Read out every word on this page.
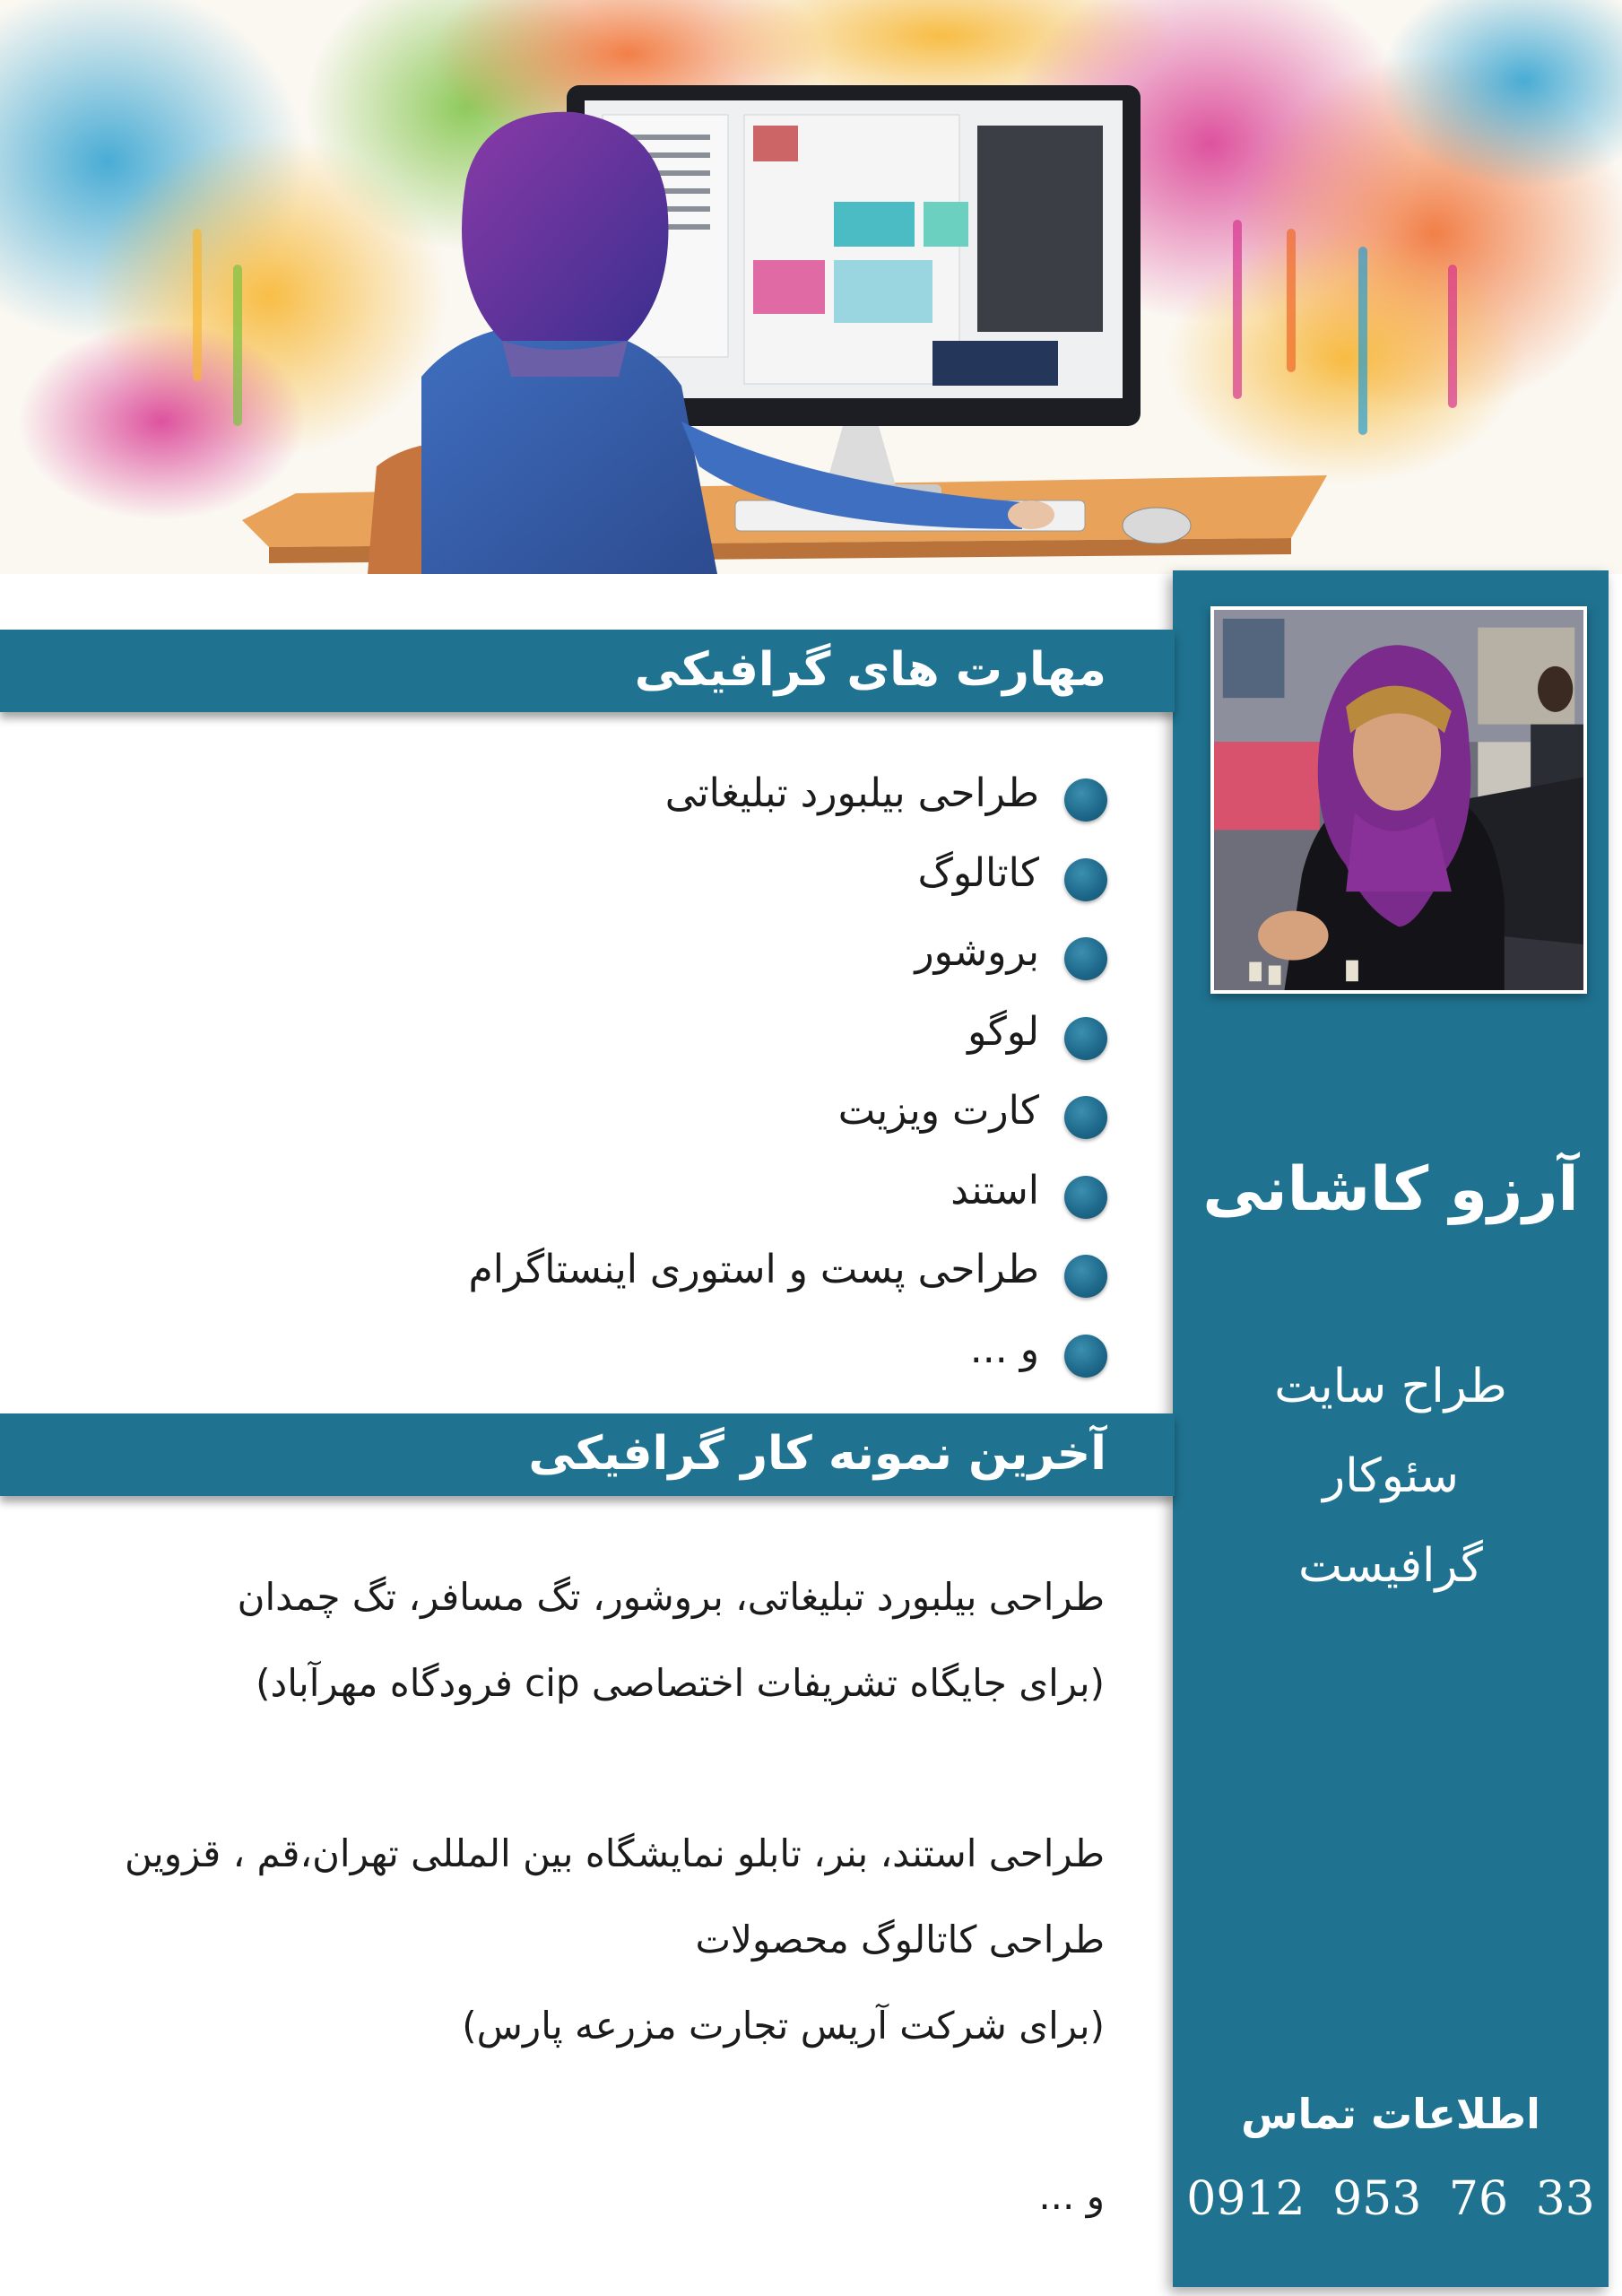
آرزو کاشانی
طراح سایت
سئوکار
گرافیست
اطلاعات تماس
0912 953 76 33
مهارت های گرافیکی
طراحی بیلبورد تبلیغاتی
کاتالوگ
بروشور
لوگو
کارت ویزیت
استند
طراحی پست و استوری اینستاگرام
و ...
آخرین نمونه کار گرافیکی

طراحی بیلبورد تبلیغاتی، بروشور، تگ مسافر، تگ چمدان

(برای جایگاه تشریفات اختصاصی cip فرودگاه مهرآباد)

طراحی استند، بنر، تابلو نمایشگاه بین المللی تهران،قم ، قزوین

طراحی کاتالوگ محصولات

(برای شرکت آریس تجارت مزرعه پارس)

و ...
